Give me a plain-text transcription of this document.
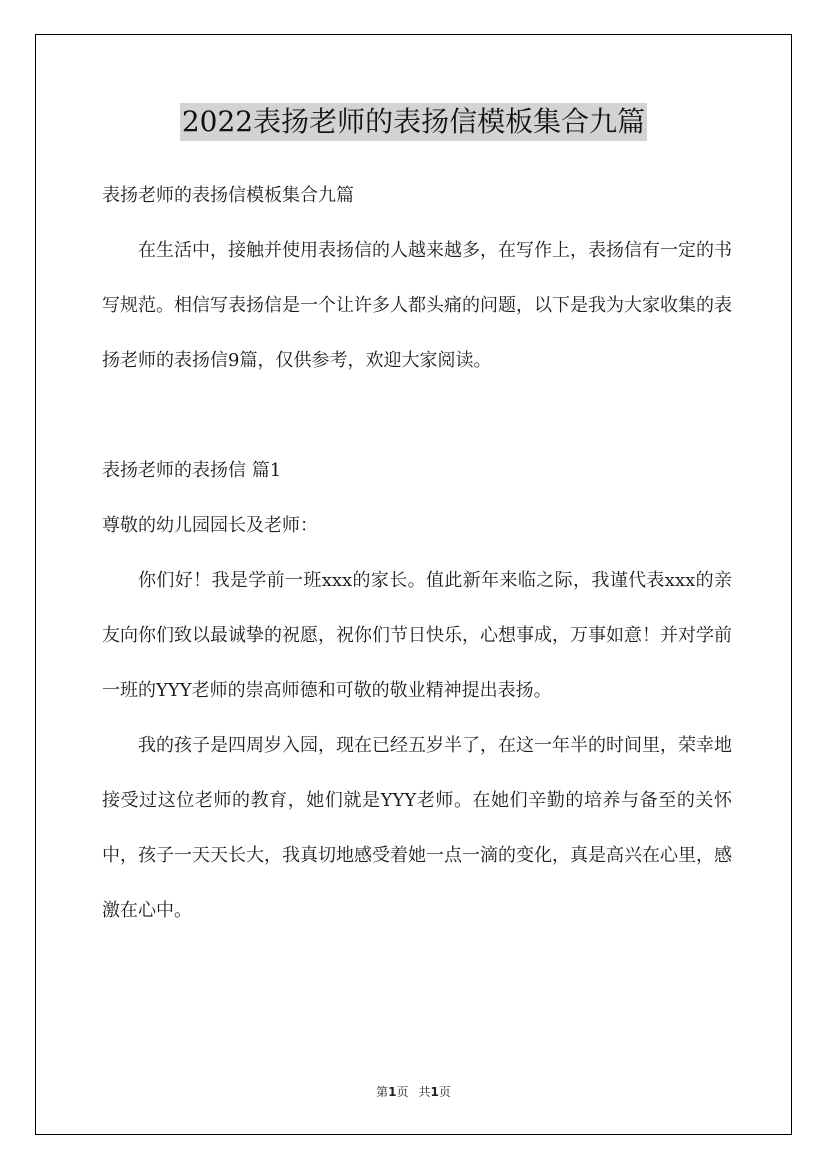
2022表扬老师的表扬信模板集合九篇

表扬老师的表扬信模板集合九篇

在生活中，接触并使用表扬信的人越来越多，在写作上，表扬信有一定的书写规范。相信写表扬信是一个让许多人都头痛的问题，以下是我为大家收集的表扬老师的表扬信9篇，仅供参考，欢迎大家阅读。

表扬老师的表扬信 篇1

尊敬的幼儿园园长及老师：

你们好！我是学前一班xxx的家长。值此新年来临之际，我谨代表xxx的亲友向你们致以最诚挚的祝愿，祝你们节日快乐，心想事成，万事如意！并对学前一班的YYY老师的崇高师德和可敬的敬业精神提出表扬。

我的孩子是四周岁入园，现在已经五岁半了，在这一年半的时间里，荣幸地接受过这位老师的教育，她们就是YYY老师。在她们辛勤的培养与备至的关怀中，孩子一天天长大，我真切地感受着她一点一滴的变化，真是高兴在心里，感激在心中。

第1页 共1页
